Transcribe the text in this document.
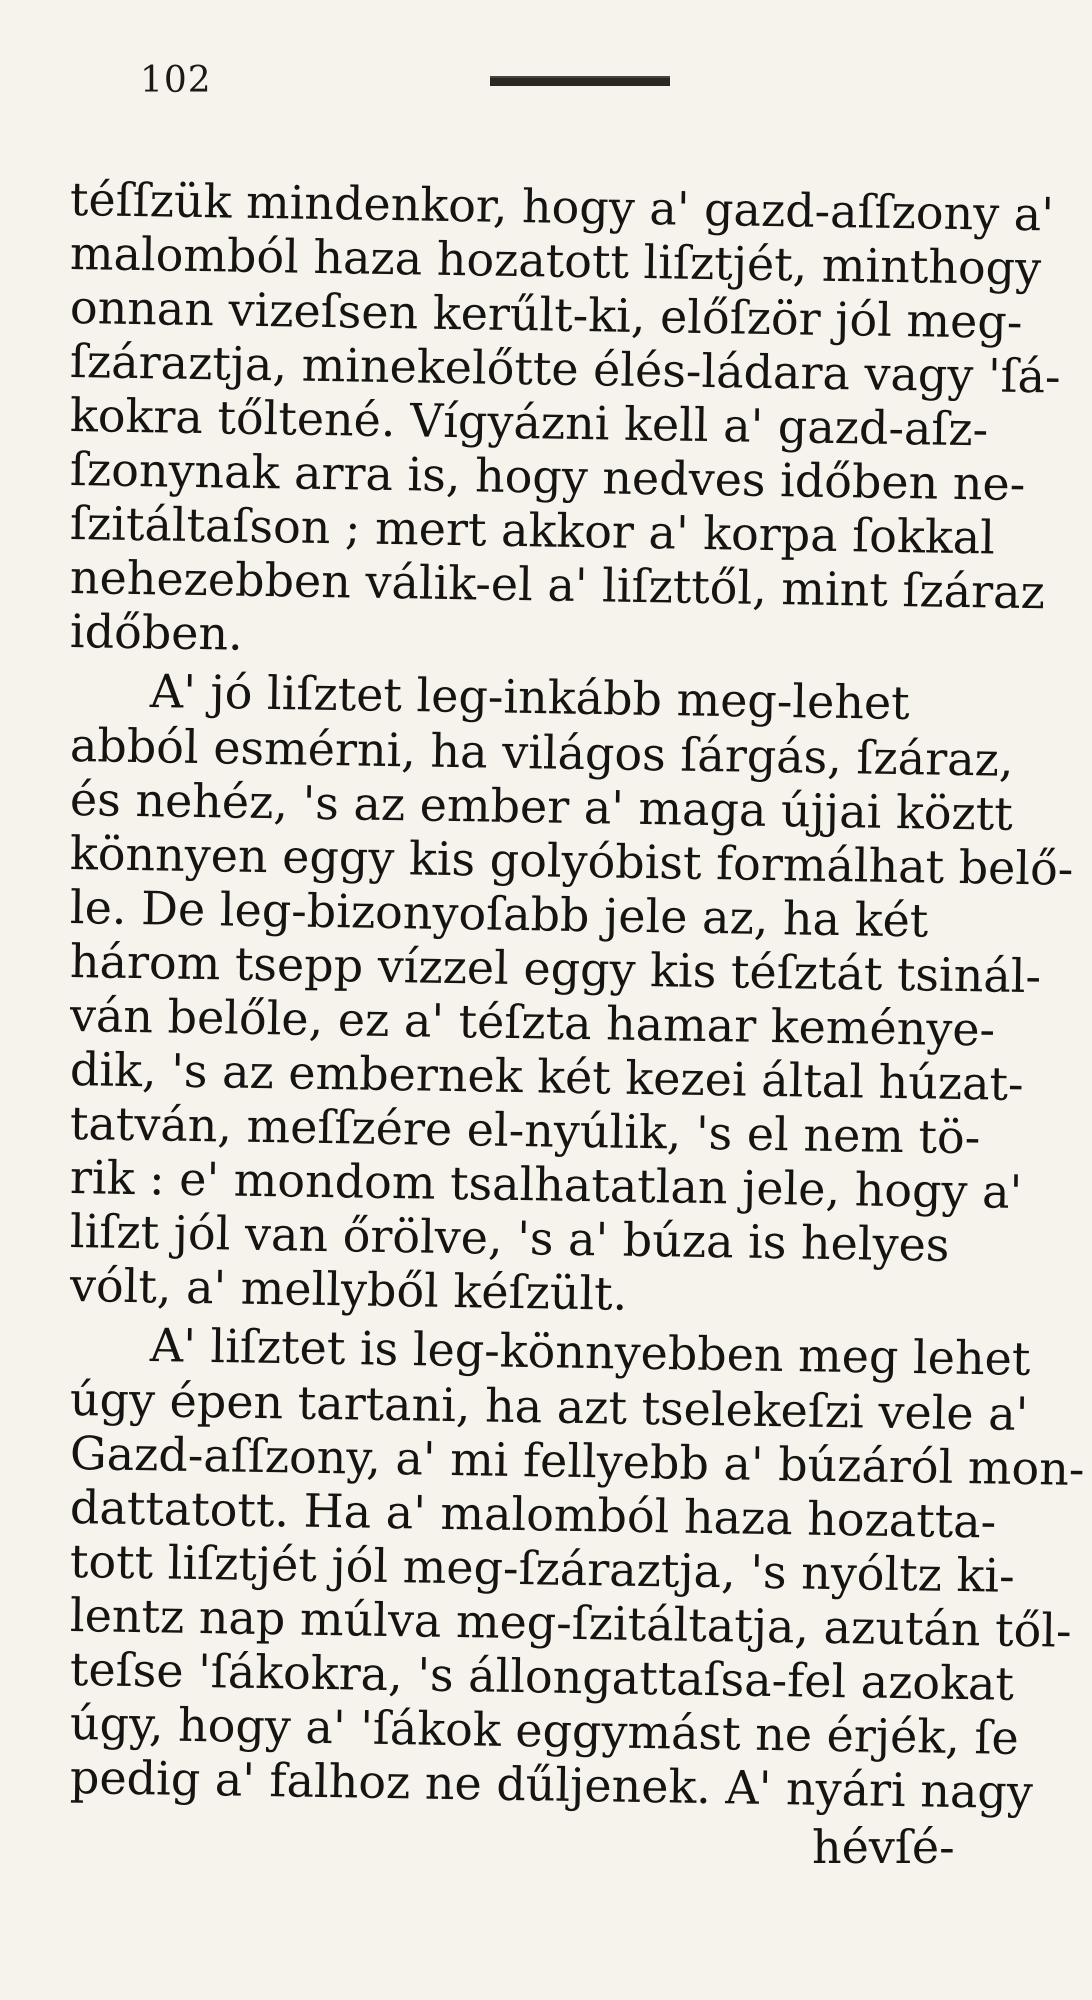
102
téſſzük mindenkor, hogy a' gazd-aſſzony a'
malomból haza hozatott liſztjét, minthogy
onnan vizeſsen kerűlt-ki, előſzör jól meg-
ſzáraztja, minekelőtte élés-ládara vagy 'ſá-
kokra tőltené. Vígyázni kell a' gazd-aſz-
ſzonynak arra is, hogy nedves időben ne-
ſzitáltaſson ; mert akkor a' korpa ſokkal
nehezebben válik-el a' liſzttől, mint ſzáraz
időben.
A' jó liſztet leg-inkább meg-lehet
abból esmérni, ha világos ſárgás, ſzáraz,
és nehéz, 's az ember a' maga újjai köztt
könnyen eggy kis golyóbist formálhat belő-
le. De leg-bizonyoſabb jele az, ha két
három tsepp vízzel eggy kis téſztát tsinál-
ván belőle, ez a' téſzta hamar keménye-
dik, 's az embernek két kezei által húzat-
tatván, meſſzére el-nyúlik, 's el nem tö-
rik : e' mondom tsalhatatlan jele, hogy a'
liſzt jól van őrölve, 's a' búza is helyes
vólt, a' mellyből kéſzült.
A' liſztet is leg-könnyebben meg lehet
úgy épen tartani, ha azt tselekeſzi vele a'
Gazd-aſſzony, a' mi fellyebb a' búzáról mon-
dattatott. Ha a' malomból haza hozatta-
tott liſztjét jól meg-ſzáraztja, 's nyóltz ki-
lentz nap múlva meg-ſzitáltatja, azután től-
teſse 'ſákokra, 's állongattaſsa-fel azokat
úgy, hogy a' 'ſákok eggymást ne érjék, ſe
pedig a' falhoz ne dűljenek. A' nyári nagy
hévſé-
